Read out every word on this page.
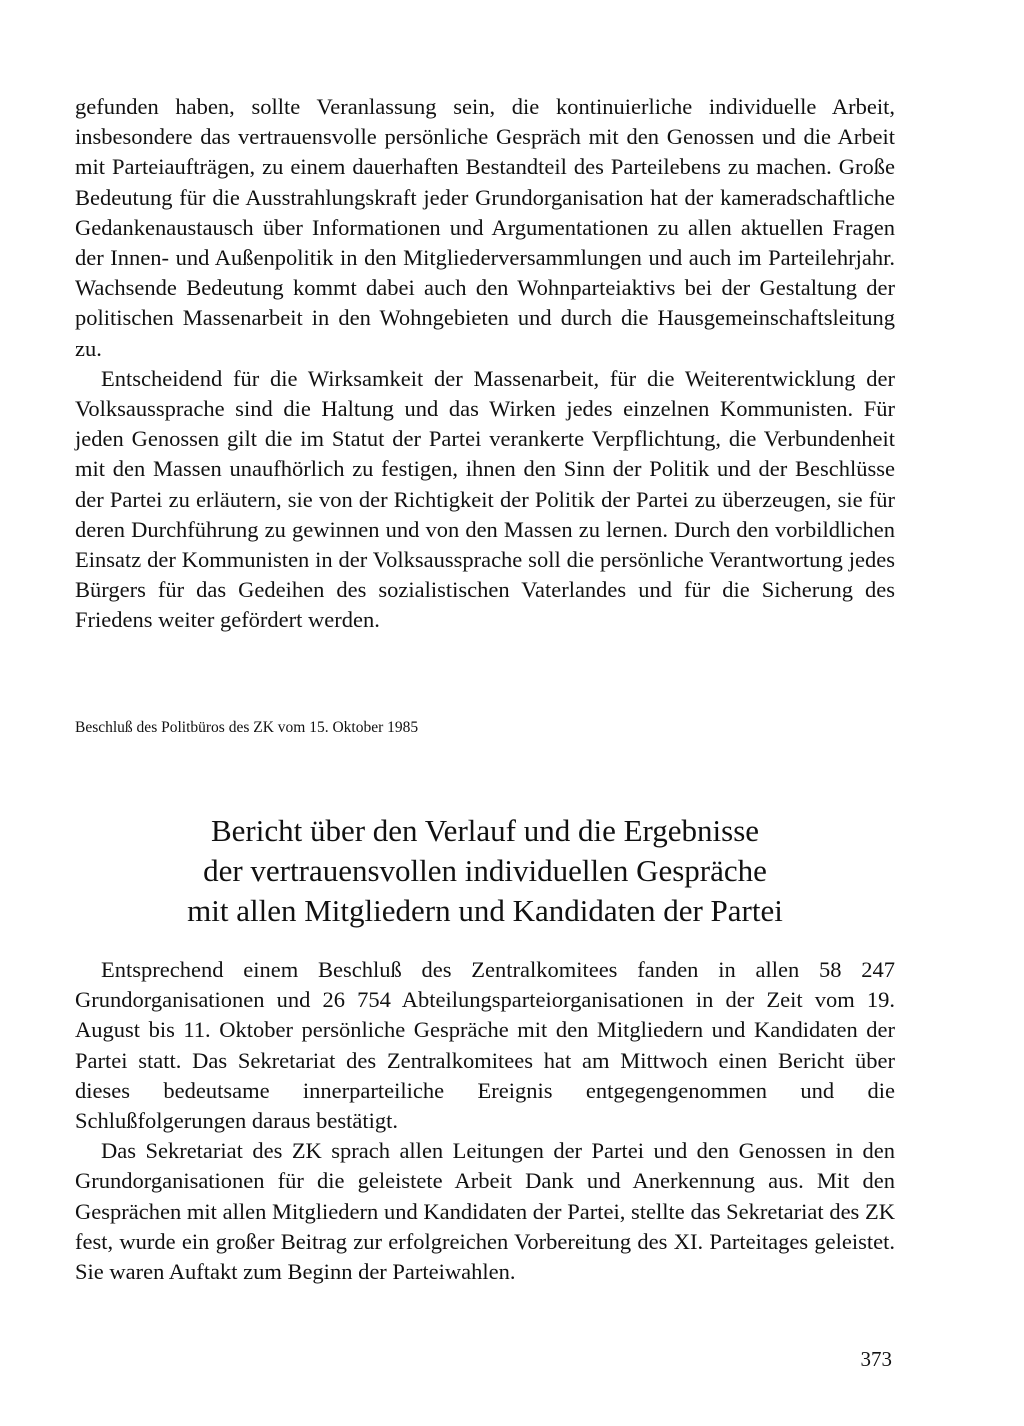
gefunden haben, sollte Veranlassung sein, die kontinuierliche individuelle Arbeit, insbesondere das vertrauensvolle persönliche Gespräch mit den Genossen und die Arbeit mit Parteiaufträgen, zu einem dauerhaften Bestandteil des Parteilebens zu machen. Große Bedeutung für die Ausstrahlungskraft jeder Grundorganisation hat der kameradschaftliche Gedankenaustausch über Informationen und Argumentationen zu allen aktuellen Fragen der Innen- und Außenpolitik in den Mitgliederversammlungen und auch im Parteilehrjahr. Wachsende Bedeutung kommt dabei auch den Wohnparteiaktivs bei der Gestaltung der politischen Massenarbeit in den Wohngebieten und durch die Hausgemeinschaftsleitung zu.

Entscheidend für die Wirksamkeit der Massenarbeit, für die Weiterentwicklung der Volksaussprache sind die Haltung und das Wirken jedes einzelnen Kommunisten. Für jeden Genossen gilt die im Statut der Partei verankerte Verpflichtung, die Verbundenheit mit den Massen unaufhörlich zu festigen, ihnen den Sinn der Politik und der Beschlüsse der Partei zu erläutern, sie von der Richtigkeit der Politik der Partei zu überzeugen, sie für deren Durchführung zu gewinnen und von den Massen zu lernen. Durch den vorbildlichen Einsatz der Kommunisten in der Volksaussprache soll die persönliche Verantwortung jedes Bürgers für das Gedeihen des sozialistischen Vaterlandes und für die Sicherung des Friedens weiter gefördert werden.

Beschluß des Politbüros des ZK vom 15. Oktober 1985

Bericht über den Verlauf und die Ergebnisse
der vertrauensvollen individuellen Gespräche
mit allen Mitgliedern und Kandidaten der Partei

Entsprechend einem Beschluß des Zentralkomitees fanden in allen 58 247 Grundorganisationen und 26 754 Abteilungsparteiorganisationen in der Zeit vom 19. August bis 11. Oktober persönliche Gespräche mit den Mitgliedern und Kandidaten der Partei statt. Das Sekretariat des Zentralkomitees hat am Mittwoch einen Bericht über dieses bedeutsame innerparteiliche Ereignis entgegengenommen und die Schlußfolgerungen daraus bestätigt.

Das Sekretariat des ZK sprach allen Leitungen der Partei und den Genossen in den Grundorganisationen für die geleistete Arbeit Dank und Anerkennung aus. Mit den Gesprächen mit allen Mitgliedern und Kandidaten der Partei, stellte das Sekretariat des ZK fest, wurde ein großer Beitrag zur erfolgreichen Vorbereitung des XI. Parteitages geleistet. Sie waren Auftakt zum Beginn der Parteiwahlen.

373
